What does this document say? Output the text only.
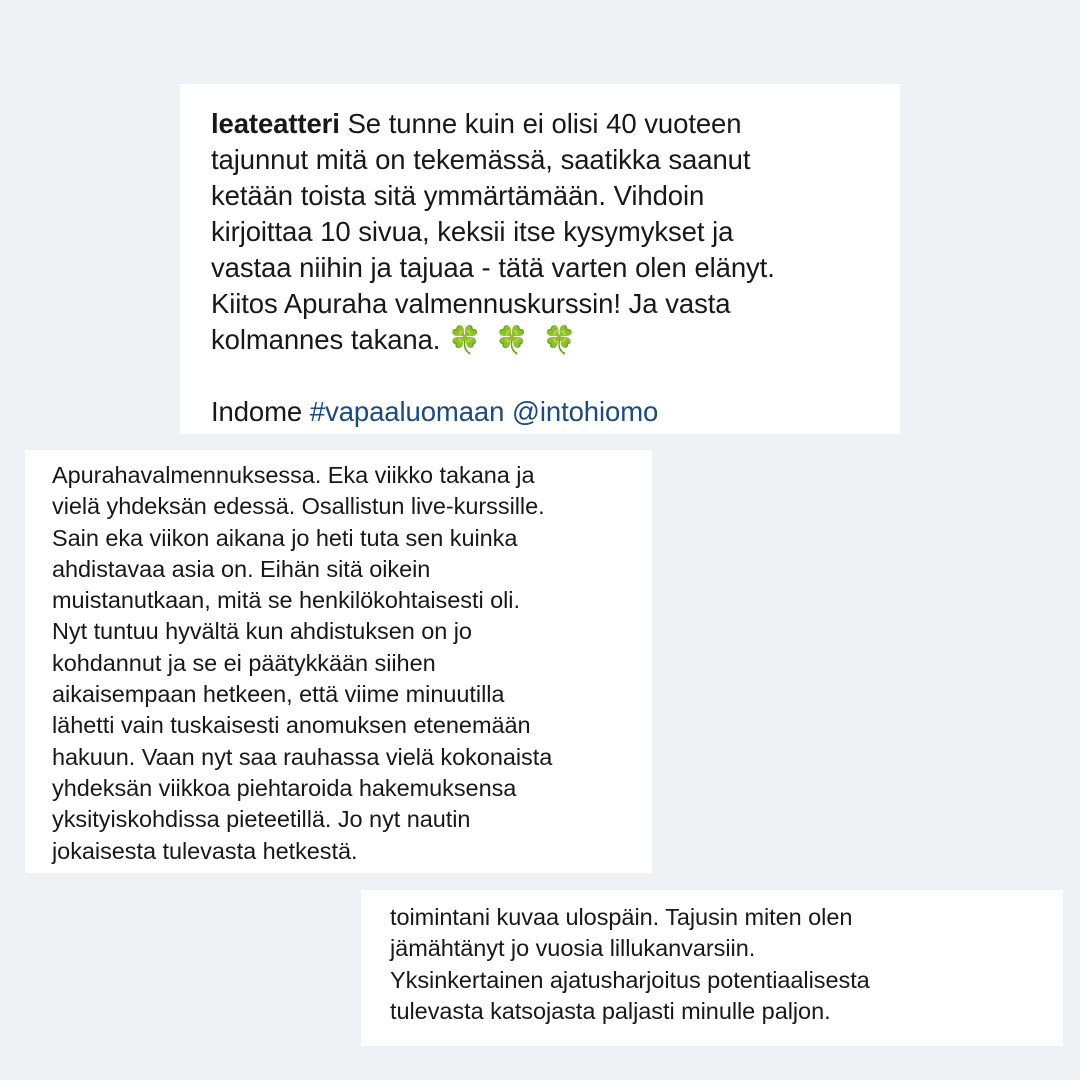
leateatteri Se tunne kuin ei olisi 40 vuoteen
tajunnut mitä on tekemässä, saatikka saanut
ketään toista sitä ymmärtämään. Vihdoin
kirjoittaa 10 sivua, keksii itse kysymykset ja
vastaa niihin ja tajuaa - tätä varten olen elänyt.
Kiitos Apuraha valmennuskurssin! Ja vasta
kolmannes takana. 🍀 🍀 🍀
Indome #vapaaluomaan @intohiomo
Apurahavalmennuksessa. Eka viikko takana ja
vielä yhdeksän edessä. Osallistun live-kurssille.
Sain eka viikon aikana jo heti tuta sen kuinka
ahdistavaa asia on. Eihän sitä oikein
muistanutkaan, mitä se henkilökohtaisesti oli.
Nyt tuntuu hyvältä kun ahdistuksen on jo
kohdannut ja se ei päätykkään siihen
aikaisempaan hetkeen, että viime minuutilla
lähetti vain tuskaisesti anomuksen etenemään
hakuun. Vaan nyt saa rauhassa vielä kokonaista
yhdeksän viikkoa piehtaroida hakemuksensa
yksityiskohdissa pieteetillä. Jo nyt nautin
jokaisesta tulevasta hetkestä.
toimintani kuvaa ulospäin. Tajusin miten olen
jämähtänyt jo vuosia lillukanvarsiin.
Yksinkertainen ajatusharjoitus potentiaalisesta
tulevasta katsojasta paljasti minulle paljon.
